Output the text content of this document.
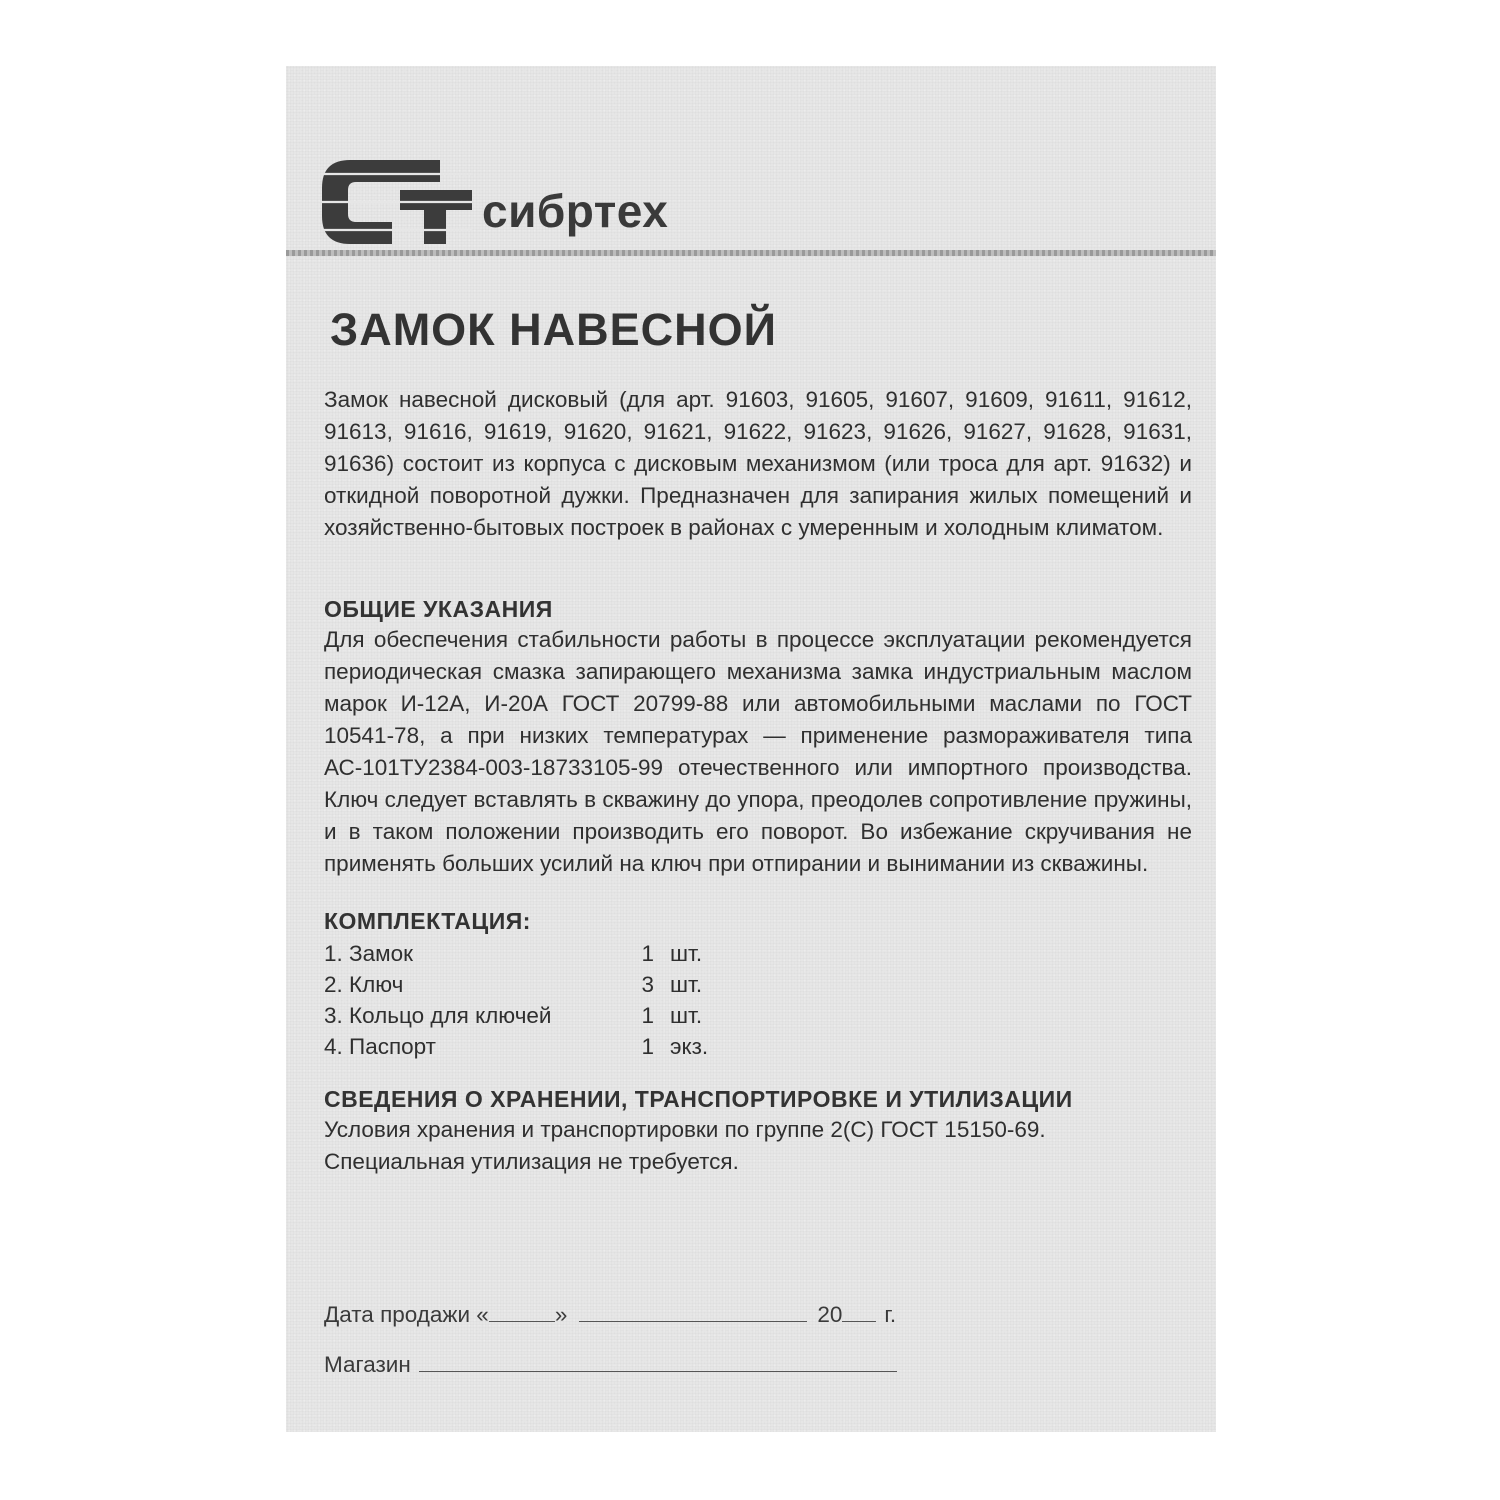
сибртех
ЗАМОК НАВЕСНОЙ

Замок навесной дисковый (для арт. 91603, 91605, 91607, 91609, 91611, 91612, 91613, 91616, 91619, 91620, 91621, 91622, 91623, 91626, 91627, 91628, 91631, 91636) состоит из корпуса с дисковым механизмом (или троса для арт. 91632) и откидной поворотной дужки. Предназначен для запирания жилых помещений и хозяйственно-бытовых построек в районах с умеренным и холодным климатом.

ОБЩИЕ УКАЗАНИЯ

Для обеспечения стабильности работы в процессе эксплуатации рекомендуется периодическая смазка запирающего механизма замка индустриальным маслом марок И-12А, И-20А ГОСТ 20799-88 или автомобильными маслами по ГОСТ 10541-78, а при низких температурах — применение размораживателя типа АС-101ТУ2384-003-18733105-99 отечественного или импортного производства. Ключ следует вставлять в скважину до упора, преодолев сопротивление пружины, и в таком положении производить его поворот. Во избежание скручивания не применять больших усилий на ключ при отпирании и вынимании из скважины.

КОМПЛЕКТАЦИЯ:
1. Замок	1 шт.
2. Ключ	3 шт.
3. Кольцо для ключей	1 шт.
4. Паспорт	1 экз.
СВЕДЕНИЯ О ХРАНЕНИИ, ТРАНСПОРТИРОВКЕ И УТИЛИЗАЦИИ

Условия хранения и транспортировки по группе 2(С) ГОСТ 15150-69.

Специальная утилизация не требуется.

Дата продажи «	»	20 г.
Магазин
